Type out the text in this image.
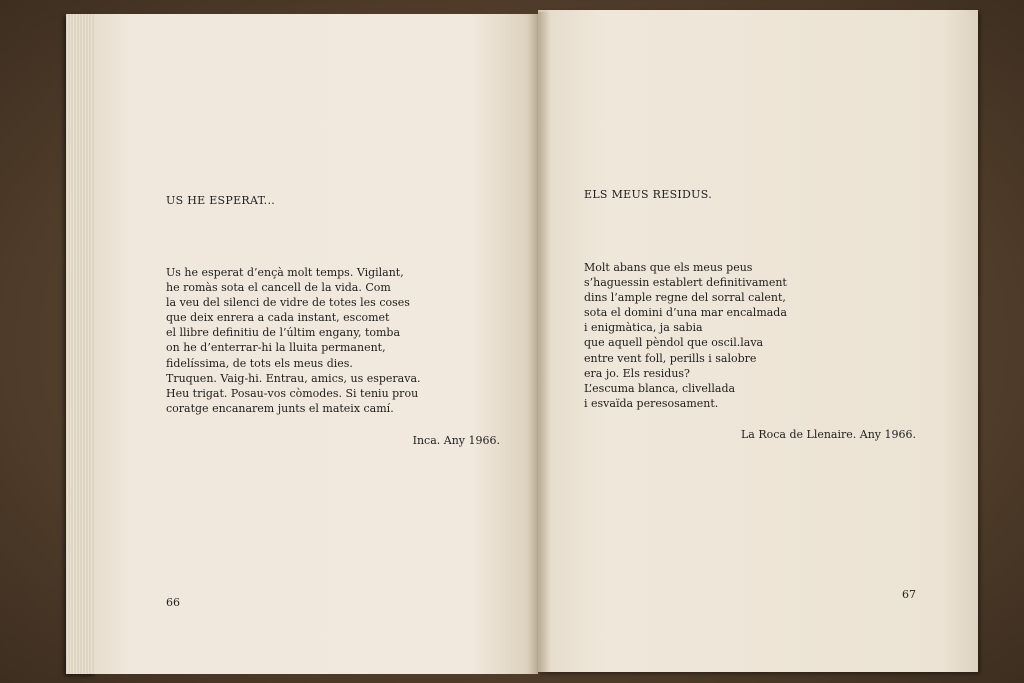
US HE ESPERAT...
Us he esperat d’ençà molt temps. Vigilant,
he romàs sota el cancell de la vida. Com
la veu del silenci de vidre de totes les coses
que deix enrera a cada instant, escomet
el llibre definitiu de l’últim engany, tomba
on he d’enterrar-hi la lluita permanent,
fidelíssima, de tots els meus dies.
Truquen. Vaig-hi. Entrau, amics, us esperava.
Heu trigat. Posau-vos còmodes. Si teniu prou
coratge encanarem junts el mateix camí.
Inca. Any 1966.
66
ELS MEUS RESIDUS.
Molt abans que els meus peus
s’haguessin establert definitivament
dins l’ample regne del sorral calent,
sota el domini d’una mar encalmada
i enigmàtica, ja sabia
que aquell pèndol que oscil.lava
entre vent foll, perills i salobre
era jo. Els residus?
L’escuma blanca, clivellada
i esvaïda peresosament.
La Roca de Llenaire. Any 1966.
67
